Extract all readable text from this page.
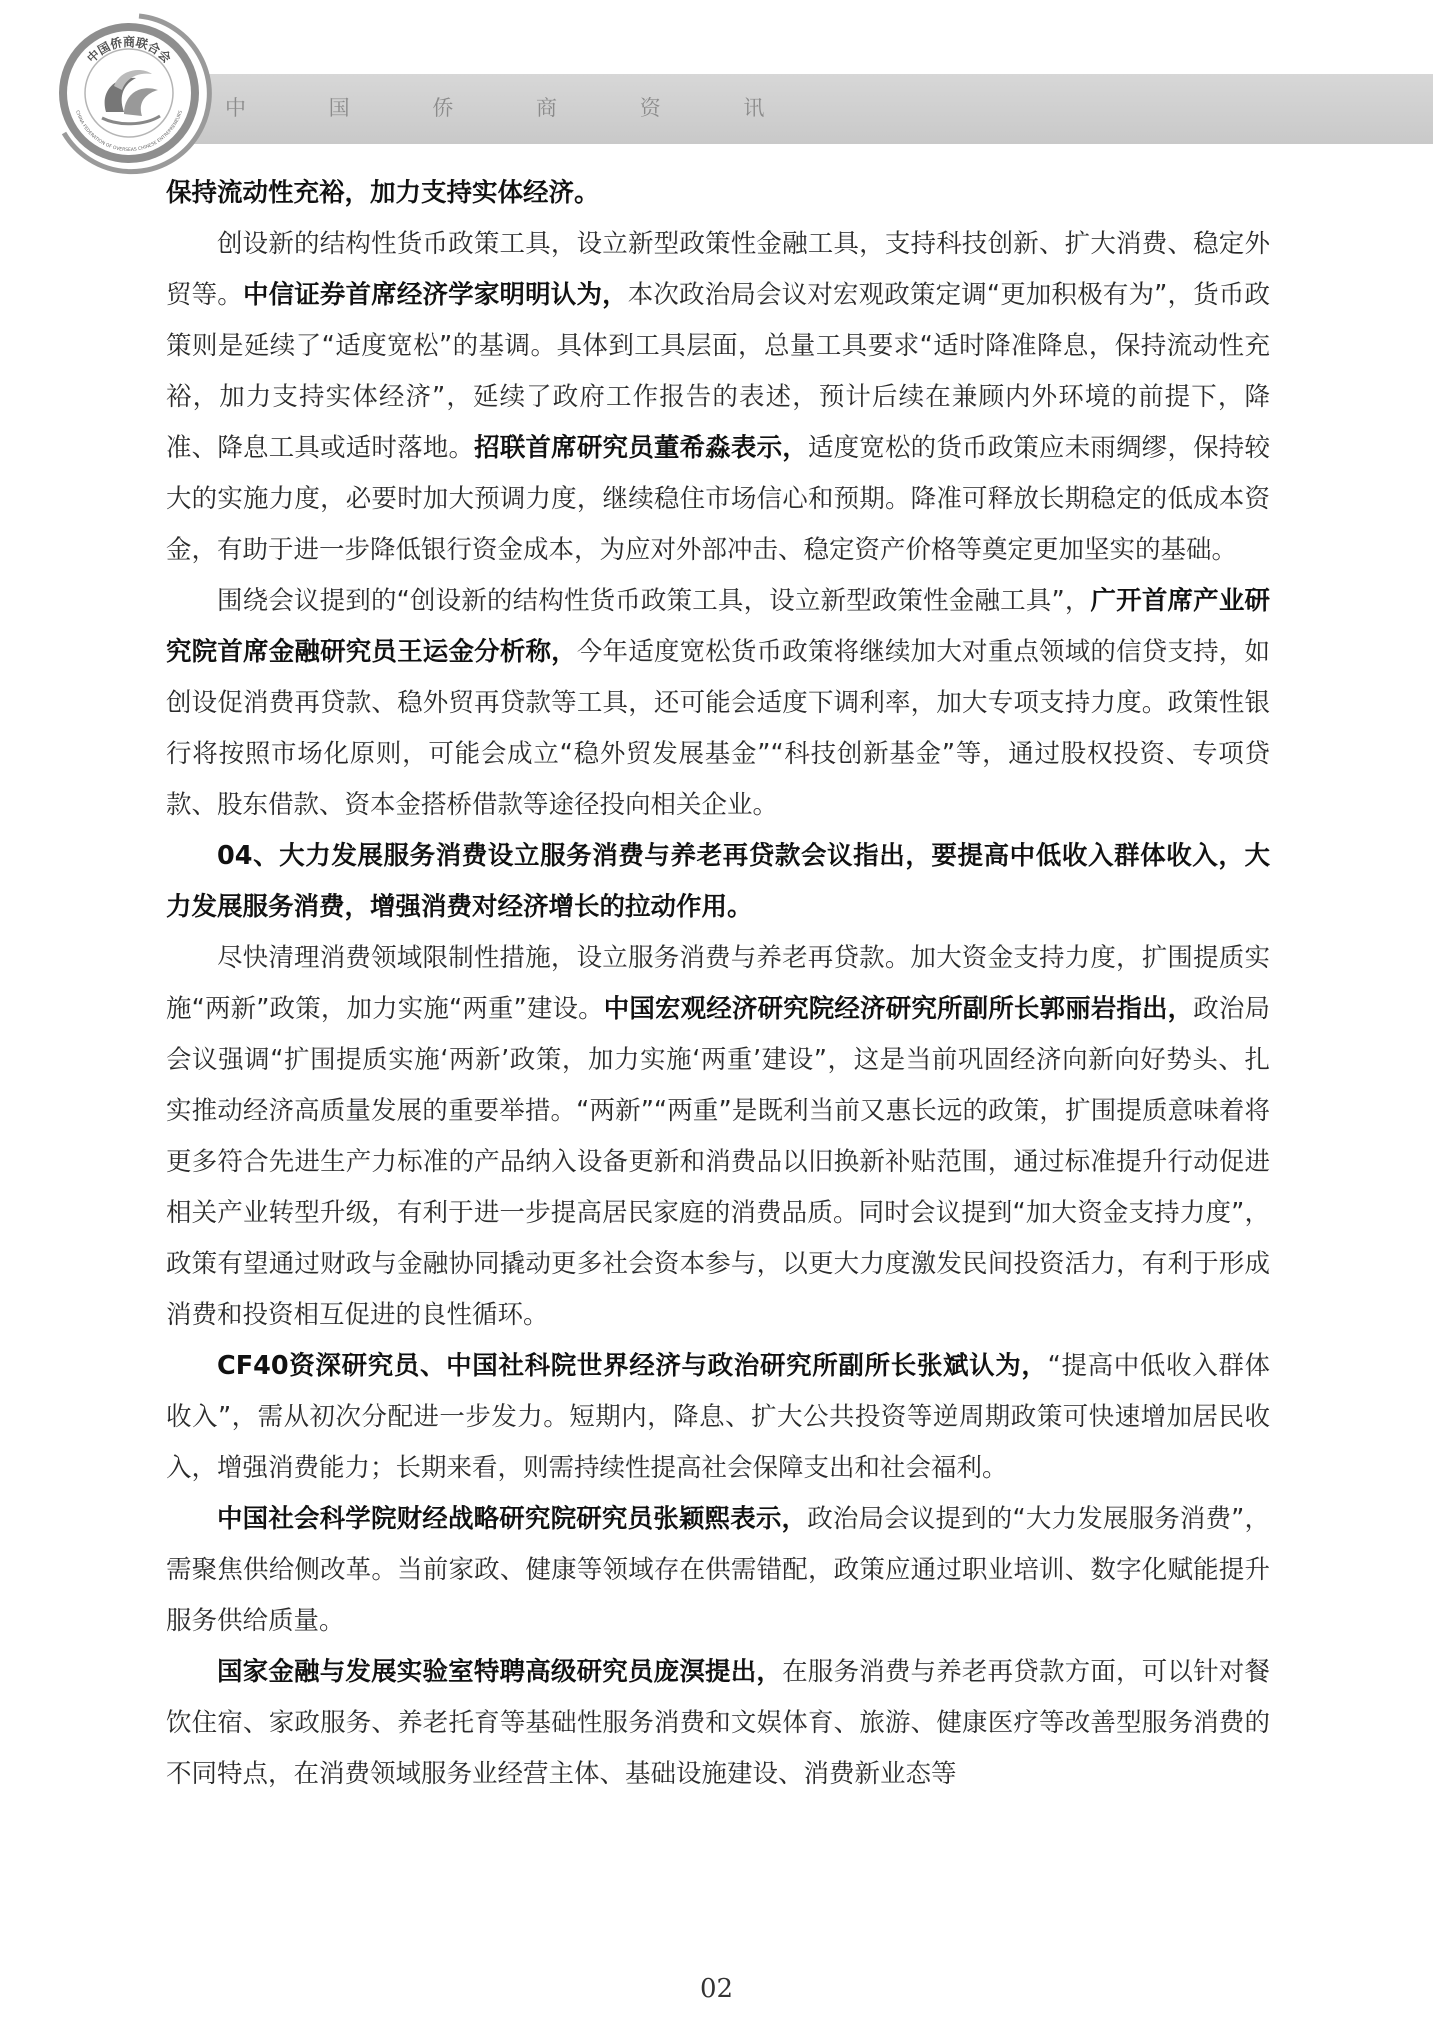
中 国 侨 商 资 讯
中国侨商联合会
CHINA FEDERATION OF OVERSEAS CHINESE ENTREPRENEURS

保持流动性充裕，加力支持实体经济。

创设新的结构性货币政策工具，设立新型政策性金融工具，支持科技创新、扩大消费、稳定外贸等。中信证券首席经济学家明明认为，本次政治局会议对宏观政策定调“更加积极有为”，货币政策则是延续了“适度宽松”的基调。具体到工具层面，总量工具要求“适时降准降息，保持流动性充裕，加力支持实体经济”，延续了政府工作报告的表述，预计后续在兼顾内外环境的前提下，降准、降息工具或适时落地。招联首席研究员董希淼表示，适度宽松的货币政策应未雨绸缪，保持较大的实施力度，必要时加大预调力度，继续稳住市场信心和预期。降准可释放长期稳定的低成本资金，有助于进一步降低银行资金成本，为应对外部冲击、稳定资产价格等奠定更加坚实的基础。

围绕会议提到的“创设新的结构性货币政策工具，设立新型政策性金融工具”，广开首席产业研究院首席金融研究员王运金分析称，今年适度宽松货币政策将继续加大对重点领域的信贷支持，如创设促消费再贷款、稳外贸再贷款等工具，还可能会适度下调利率，加大专项支持力度。政策性银行将按照市场化原则，可能会成立“稳外贸发展基金”“科技创新基金”等，通过股权投资、专项贷款、股东借款、资本金搭桥借款等途径投向相关企业。

04、大力发展服务消费设立服务消费与养老再贷款会议指出，要提高中低收入群体收入，大力发展服务消费，增强消费对经济增长的拉动作用。

尽快清理消费领域限制性措施，设立服务消费与养老再贷款。加大资金支持力度，扩围提质实施“两新”政策，加力实施“两重”建设。中国宏观经济研究院经济研究所副所长郭丽岩指出，政治局会议强调“扩围提质实施‘两新’政策，加力实施‘两重’建设”，这是当前巩固经济向新向好势头、扎实推动经济高质量发展的重要举措。“两新”“两重”是既利当前又惠长远的政策，扩围提质意味着将更多符合先进生产力标准的产品纳入设备更新和消费品以旧换新补贴范围，通过标准提升行动促进相关产业转型升级，有利于进一步提高居民家庭的消费品质。同时会议提到“加大资金支持力度”，政策有望通过财政与金融协同撬动更多社会资本参与，以更大力度激发民间投资活力，有利于形成消费和投资相互促进的良性循环。

CF40资深研究员、中国社科院世界经济与政治研究所副所长张斌认为，“提高中低收入群体收入”，需从初次分配进一步发力。短期内，降息、扩大公共投资等逆周期政策可快速增加居民收入，增强消费能力；长期来看，则需持续性提高社会保障支出和社会福利。

中国社会科学院财经战略研究院研究员张颖熙表示，政治局会议提到的“大力发展服务消费”，需聚焦供给侧改革。当前家政、健康等领域存在供需错配，政策应通过职业培训、数字化赋能提升服务供给质量。

国家金融与发展实验室特聘高级研究员庞溟提出，在服务消费与养老再贷款方面，可以针对餐饮住宿、家政服务、养老托育等基础性服务消费和文娱体育、旅游、健康医疗等改善型服务消费的不同特点，在消费领域服务业经营主体、基础设施建设、消费新业态等

02
